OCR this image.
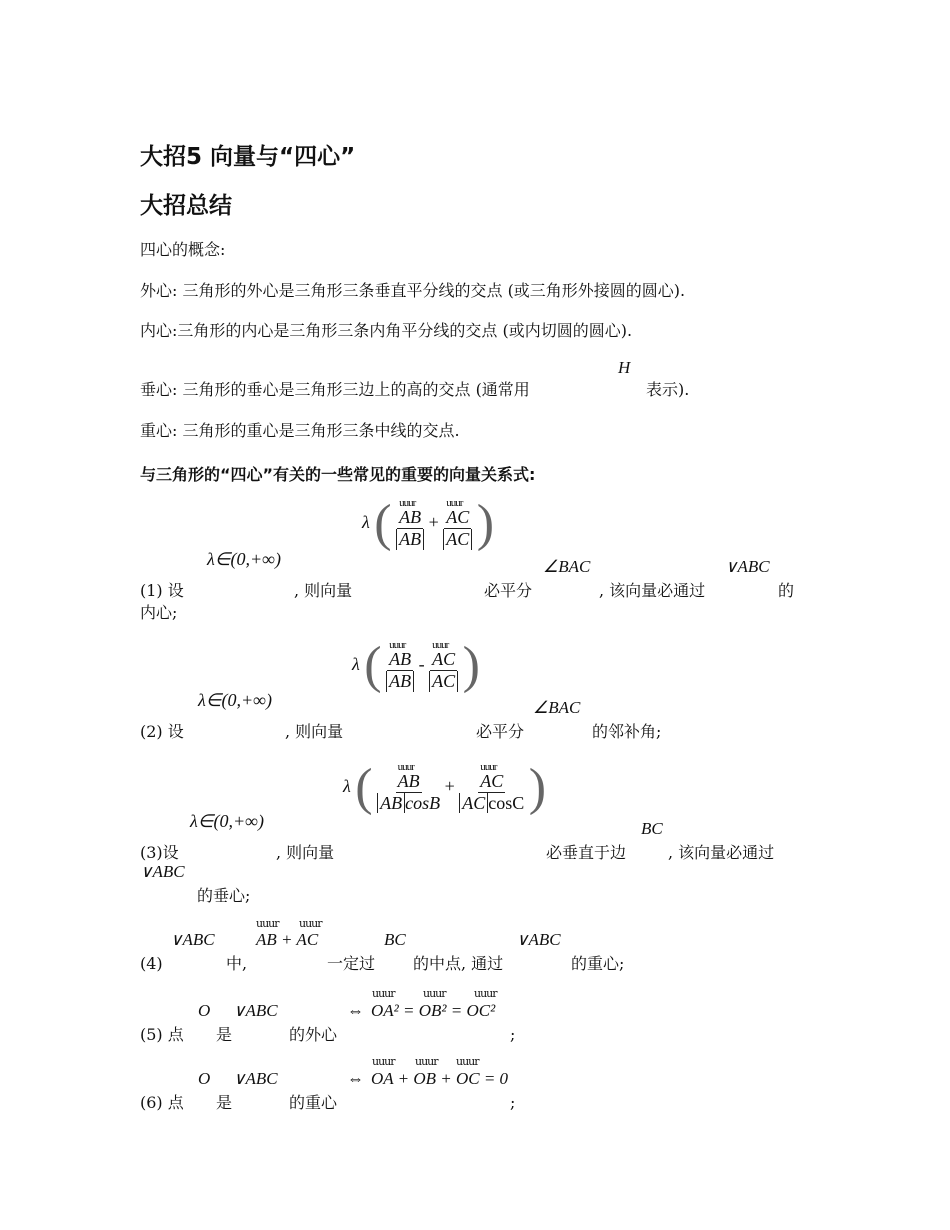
大招5 向量与“四心”
大招总结
四心的概念:
外心: 三角形的外心是三角形三条垂直平分线的交点 (或三角形外接圆的圆心).
内心:三角形的内心是三角形三条内角平分线的交点 (或内切圆的圆心).
H
垂心: 三角形的垂心是三角形三边上的高的交点 (通常用	表示).
重心: 三角形的重心是三角形三条中线的交点.
与三角形的“四心”有关的一些常见的重要的向量关系式:
λ ( uuur
AB
AB + uuur
AC
AC )
λ∈(0,+∞)	∠BAC	∨ABC
(1) 设	, 则向量	必平分	, 该向量必通过	的
内心;
λ ( uuur
AB
AB - uuur
AC
AC )
λ∈(0,+∞)	∠BAC
(2) 设	, 则向量	必平分	的邻补角;
λ ( uuur
AB
AB cosB + uuur
AC
AC cosC )
λ∈(0,+∞)	BC
(3)设	, 则向量	必垂直于边	, 该向量必通过
∨ABC
的垂心;
uuur uuur
∨ABC AB + AC	BC	∨ABC
(4)	中,	一定过 的中点, 通过	的重心;
uuur	uuur	uuur
O ∨ABC	⇔ OA² = OB² = OC²
(5) 点 是	的外心	;
uuur uuur uuur
O ∨ABC	⇔ OA + OB + OC = 0
(6) 点 是	的重心	;
